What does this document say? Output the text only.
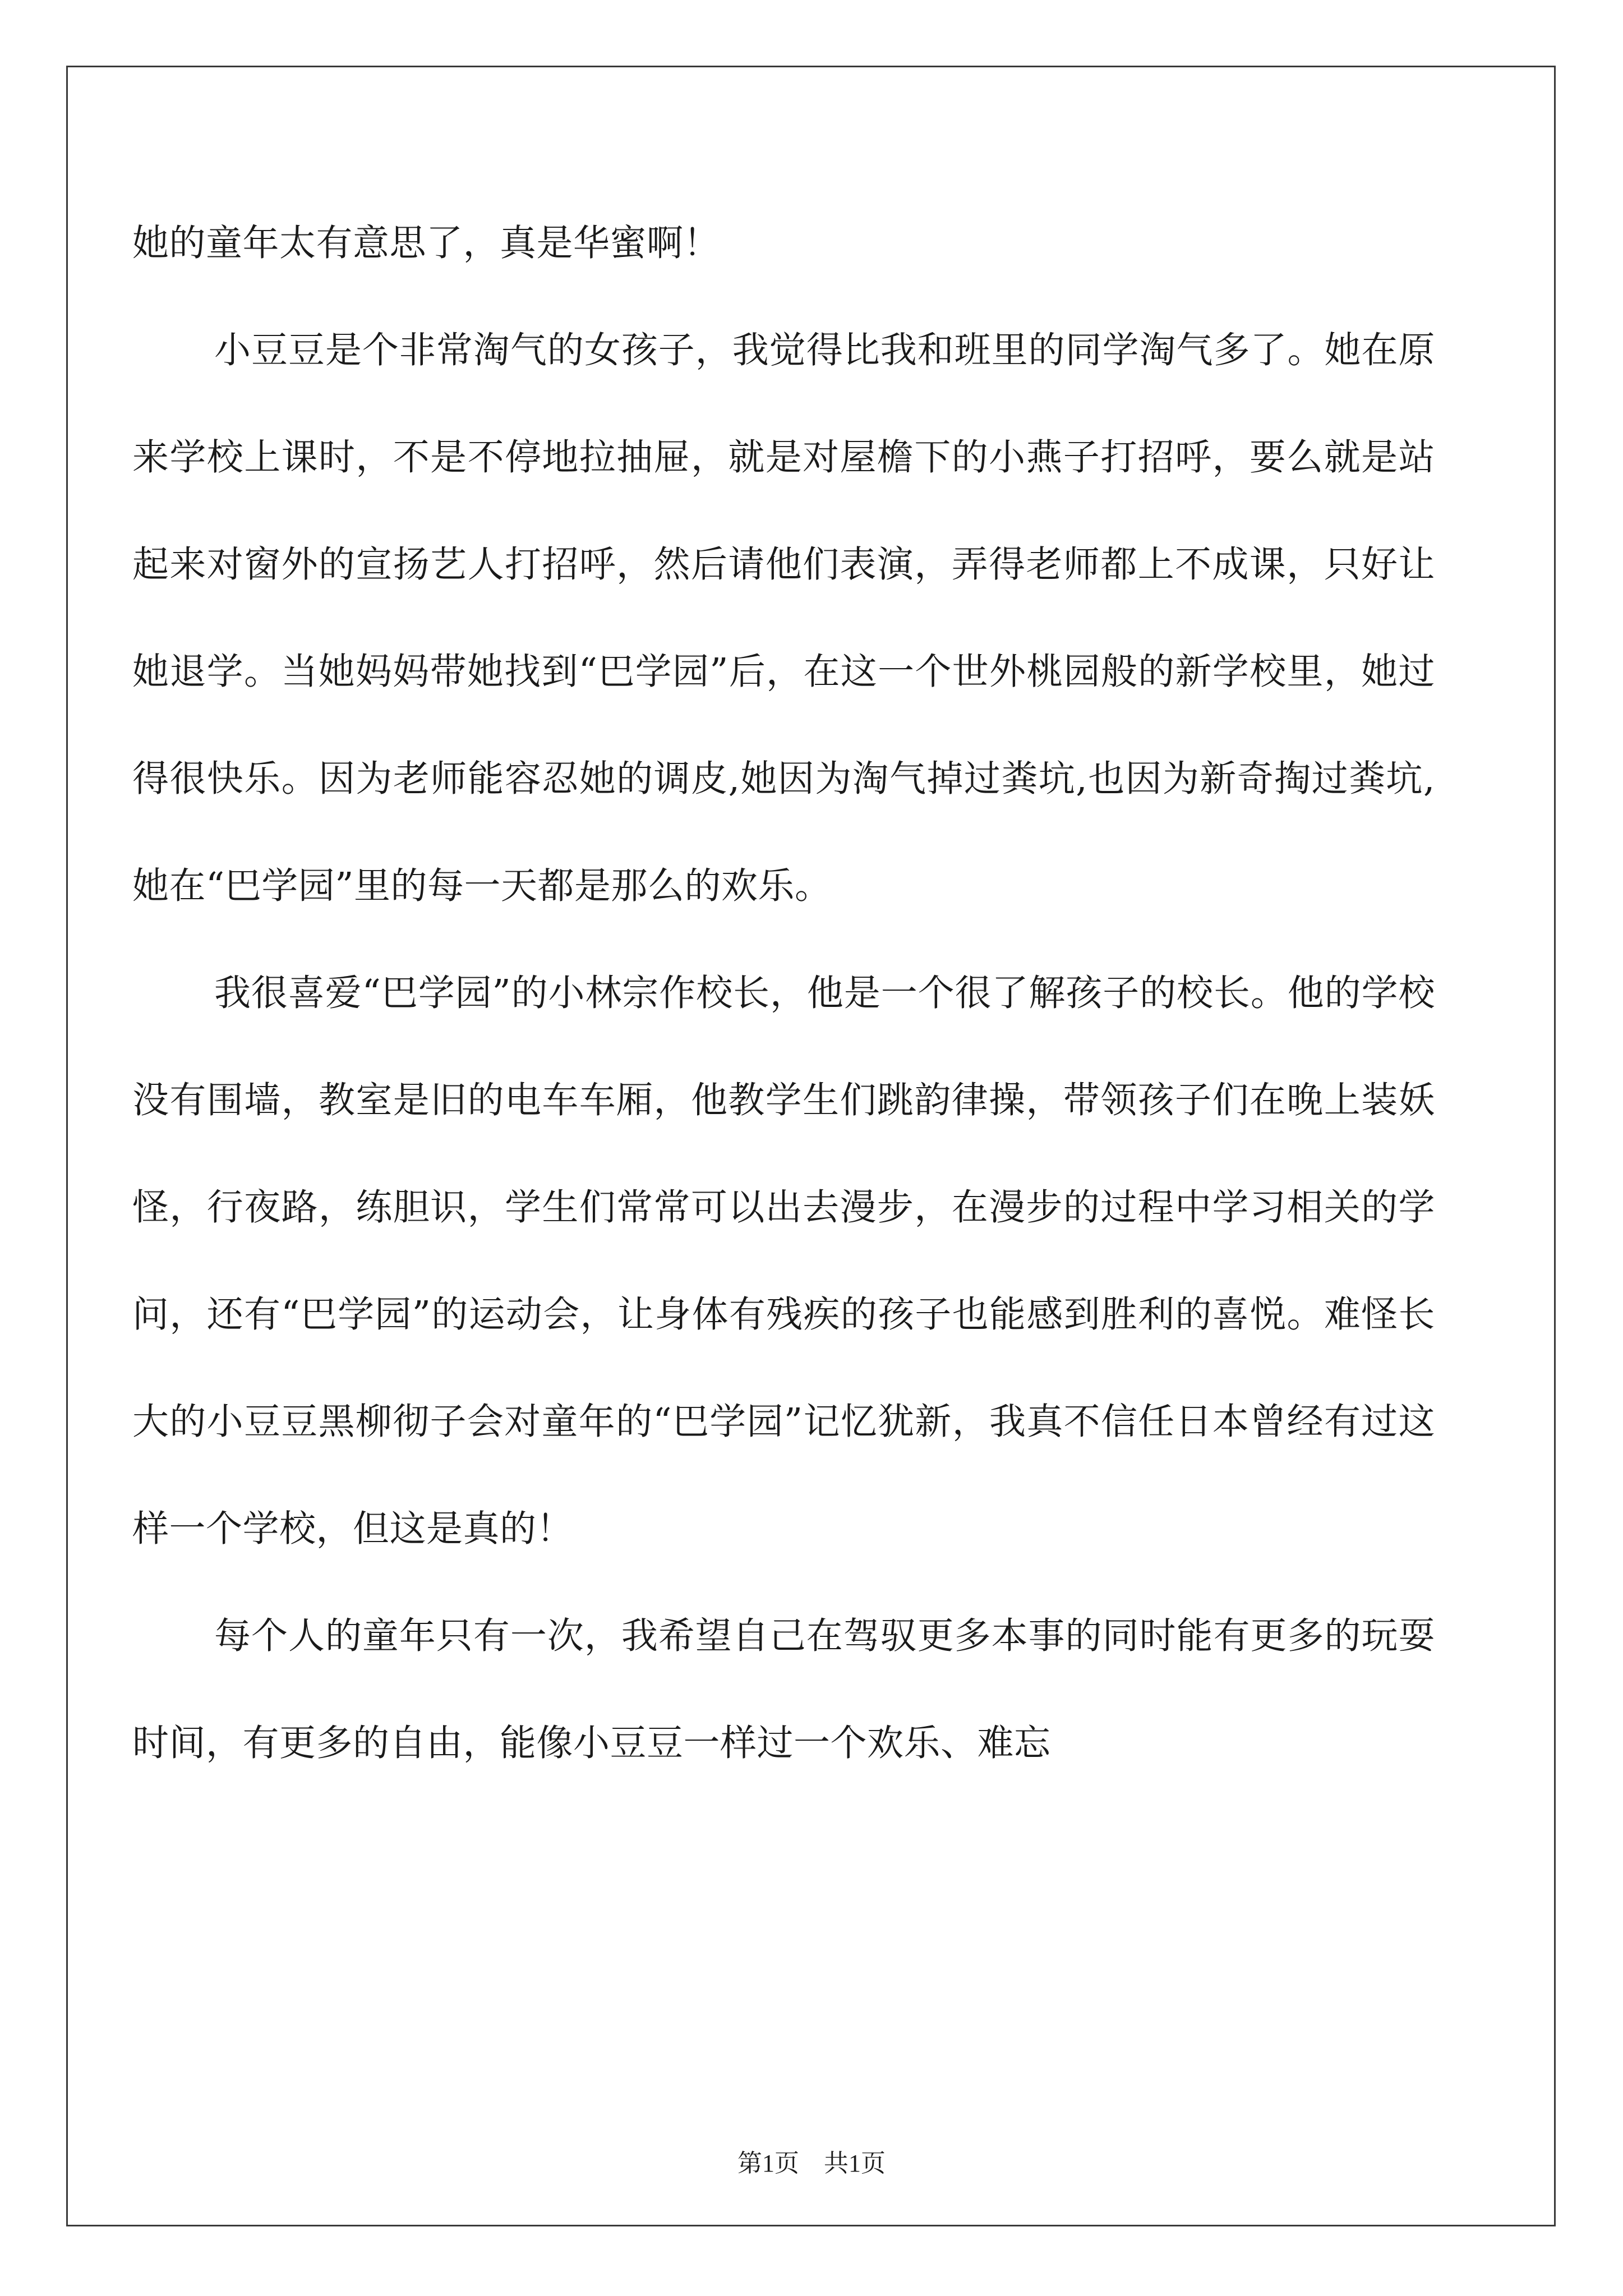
她的童年太有意思了，真是华蜜啊！

小豆豆是个非常淘气的女孩子，我觉得比我和班里的同学淘气多了。她在原来学校上课时，不是不停地拉抽屉，就是对屋檐下的小燕子打招呼，要么就是站起来对窗外的宣扬艺人打招呼，然后请他们表演，弄得老师都上不成课，只好让她退学。当她妈妈带她找到“巴学园”后，在这一个世外桃园般的新学校里，她过得很快乐。因为老师能容忍她的调皮,她因为淘气掉过粪坑,也因为新奇掏过粪坑,她在“巴学园”里的每一天都是那么的欢乐。

我很喜爱“巴学园”的小林宗作校长，他是一个很了解孩子的校长。他的学校没有围墙，教室是旧的电车车厢，他教学生们跳韵律操，带领孩子们在晚上装妖怪，行夜路，练胆识，学生们常常可以出去漫步，在漫步的过程中学习相关的学问，还有“巴学园”的运动会，让身体有残疾的孩子也能感到胜利的喜悦。难怪长大的小豆豆黑柳彻子会对童年的“巴学园”记忆犹新，我真不信任日本曾经有过这样一个学校，但这是真的！

每个人的童年只有一次，我希望自己在驾驭更多本事的同时能有更多的玩耍时间，有更多的自由，能像小豆豆一样过一个欢乐、难忘

第1页　共1页
